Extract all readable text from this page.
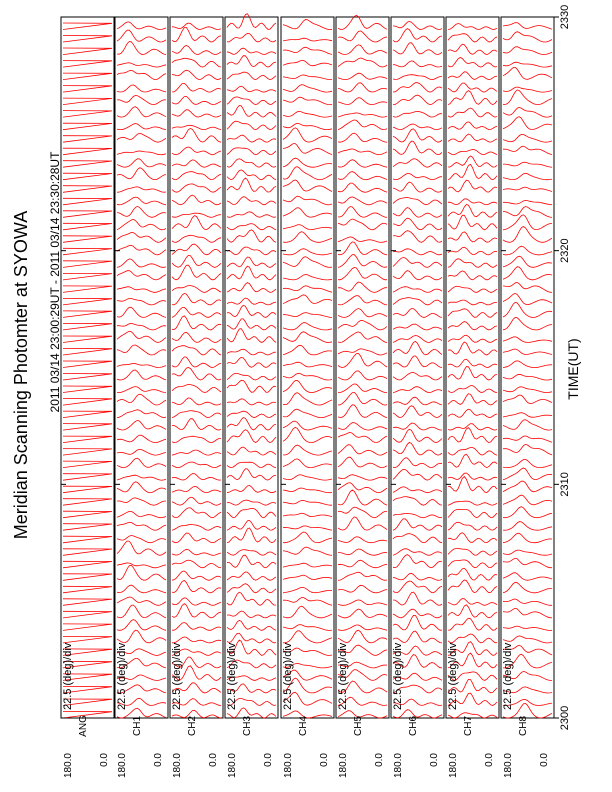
Meridian Scanning Photomter at SYOWA 2011 03/14 23:00:29UT - 2011 03/14 23:30:28UT
22.5 (deg)/div
180.0	0.0
ANG
22.5 (deg)/div
180.0	0.0
CH1
22.5 (deg)/div
180.0	0.0
CH2
22.5 (deg)/div
180.0	0.0
CH3
22.5 (deg)/div
180.0	0.0
CH4
22.5 (deg)/div
180.0	0.0
CH5
22.5 (deg)/div
180.0	0.0
CH6
22.5 (deg)/div
180.0	0.0
CH7
22.5 (deg)/div
180.0	0.0
CH8	2300
2310
2320
2330
TIME(UT)
